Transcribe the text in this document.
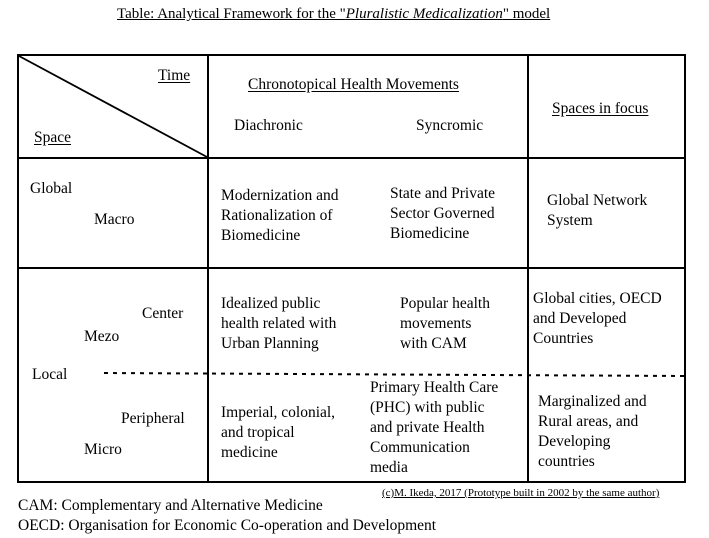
Table: Analytical Framework for the "Pluralistic Medicalization" model
Time
Space
Chronotopical Health Movements
Diachronic	Syncromic
Spaces in focus
Global
Macro
Center
Mezo
Local
Peripheral
Micro
Modernization and
Rationalization of
Biomedicine
State and Private
Sector Governed
Biomedicine
Global Network
System
Idealized public
health related with
Urban Planning
Popular health
movements
with CAM
Global cities, OECD
and Developed
Countries
Imperial, colonial,
and tropical
medicine
Primary Health Care
(PHC) with public
and private Health
Communication
media
Marginalized and
Rural areas, and
Developing
countries
(c)M. Ikeda, 2017 (Prototype built in 2002 by the same author)
CAM: Complementary and Alternative Medicine
OECD: Organisation for Economic Co-operation and Development
